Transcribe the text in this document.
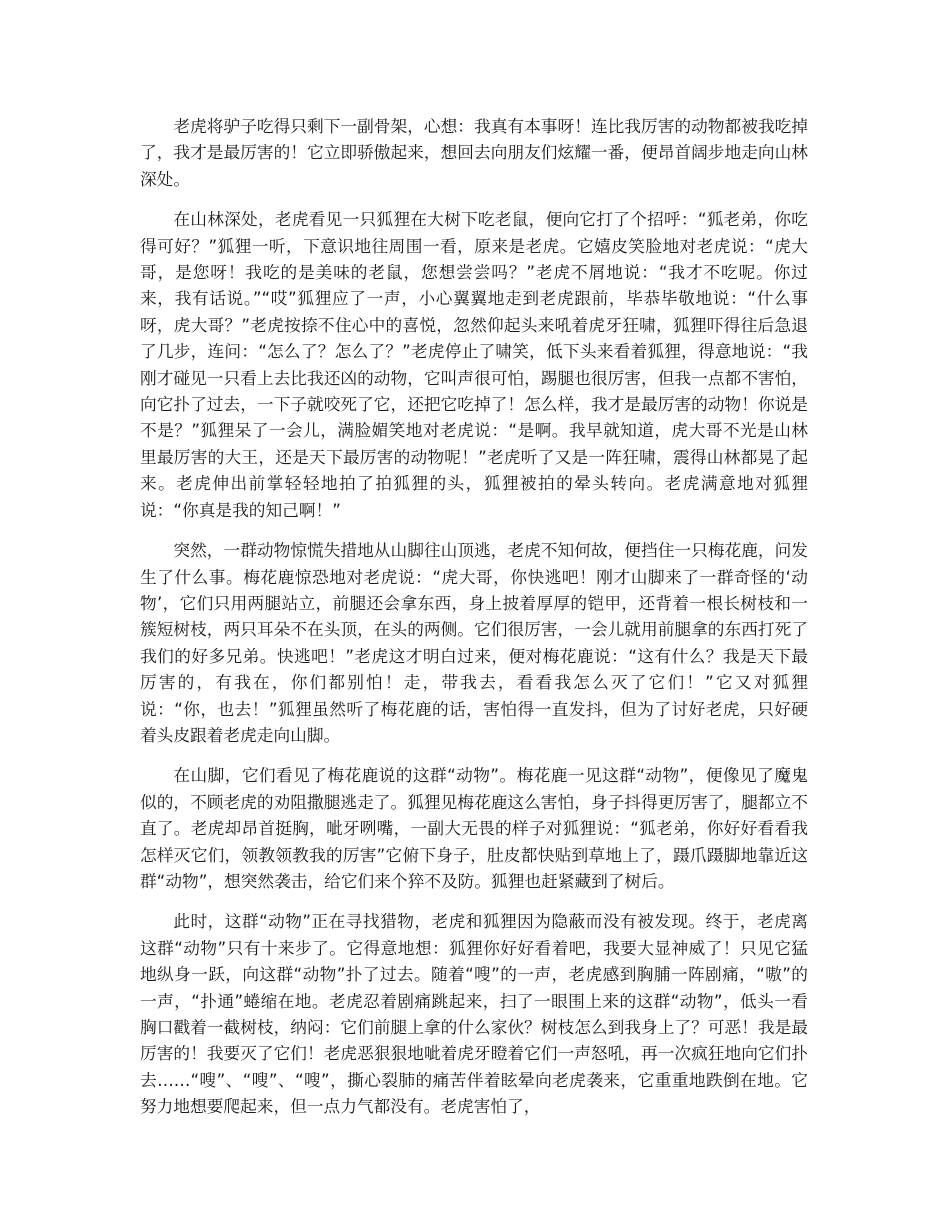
老虎将驴子吃得只剩下一副骨架，心想：我真有本事呀！连比我厉害的动物都被我吃掉了，我才是最厉害的！它立即骄傲起来，想回去向朋友们炫耀一番，便昂首阔步地走向山林深处。

在山林深处，老虎看见一只狐狸在大树下吃老鼠，便向它打了个招呼：“狐老弟，你吃得可好？”狐狸一听，下意识地往周围一看，原来是老虎。它嬉皮笑脸地对老虎说：“虎大哥，是您呀！我吃的是美味的老鼠，您想尝尝吗？”老虎不屑地说：“我才不吃呢。你过来，我有话说。”“哎”狐狸应了一声，小心翼翼地走到老虎跟前，毕恭毕敬地说：“什么事呀，虎大哥？”老虎按捺不住心中的喜悦，忽然仰起头来吼着虎牙狂啸，狐狸吓得往后急退了几步，连问：“怎么了？怎么了？”老虎停止了啸笑，低下头来看着狐狸，得意地说：“我刚才碰见一只看上去比我还凶的动物，它叫声很可怕，踢腿也很厉害，但我一点都不害怕，向它扑了过去，一下子就咬死了它，还把它吃掉了！怎么样，我才是最厉害的动物！你说是不是？”狐狸呆了一会儿，满脸媚笑地对老虎说：“是啊。我早就知道，虎大哥不光是山林里最厉害的大王，还是天下最厉害的动物呢！”老虎听了又是一阵狂啸，震得山林都晃了起来。老虎伸出前掌轻轻地拍了拍狐狸的头，狐狸被拍的晕头转向。老虎满意地对狐狸说：“你真是我的知己啊！”

突然，一群动物惊慌失措地从山脚往山顶逃，老虎不知何故，便挡住一只梅花鹿，问发生了什么事。梅花鹿惊恐地对老虎说：“虎大哥，你快逃吧！刚才山脚来了一群奇怪的‘动物’，它们只用两腿站立，前腿还会拿东西，身上披着厚厚的铠甲，还背着一根长树枝和一簇短树枝，两只耳朵不在头顶，在头的两侧。它们很厉害，一会儿就用前腿拿的东西打死了我们的好多兄弟。快逃吧！”老虎这才明白过来，便对梅花鹿说：“这有什么？我是天下最厉害的，有我在，你们都别怕！走，带我去，看看我怎么灭了它们！”它又对狐狸说：“你，也去！”狐狸虽然听了梅花鹿的话，害怕得一直发抖，但为了讨好老虎，只好硬着头皮跟着老虎走向山脚。

在山脚，它们看见了梅花鹿说的这群“动物”。梅花鹿一见这群“动物”，便像见了魔鬼似的，不顾老虎的劝阻撒腿逃走了。狐狸见梅花鹿这么害怕，身子抖得更厉害了，腿都立不直了。老虎却昂首挺胸，呲牙咧嘴，一副大无畏的样子对狐狸说：“狐老弟，你好好看看我怎样灭它们，领教领教我的厉害”它俯下身子，肚皮都快贴到草地上了，蹑爪蹑脚地靠近这群“动物”，想突然袭击，给它们来个猝不及防。狐狸也赶紧藏到了树后。

此时，这群“动物”正在寻找猎物，老虎和狐狸因为隐蔽而没有被发现。终于，老虎离这群“动物”只有十来步了。它得意地想：狐狸你好好看着吧，我要大显神威了！只见它猛地纵身一跃，向这群“动物”扑了过去。随着“嗖”的一声，老虎感到胸脯一阵剧痛，“嗷”的一声，“扑通”蜷缩在地。老虎忍着剧痛跳起来，扫了一眼围上来的这群“动物”，低头一看胸口戳着一截树枝，纳闷：它们前腿上拿的什么家伙？树枝怎么到我身上了？可恶！我是最厉害的！我要灭了它们！老虎恶狠狠地呲着虎牙瞪着它们一声怒吼，再一次疯狂地向它们扑去……“嗖”、“嗖”、“嗖”，撕心裂肺的痛苦伴着眩晕向老虎袭来，它重重地跌倒在地。它努力地想要爬起来，但一点力气都没有。老虎害怕了，
